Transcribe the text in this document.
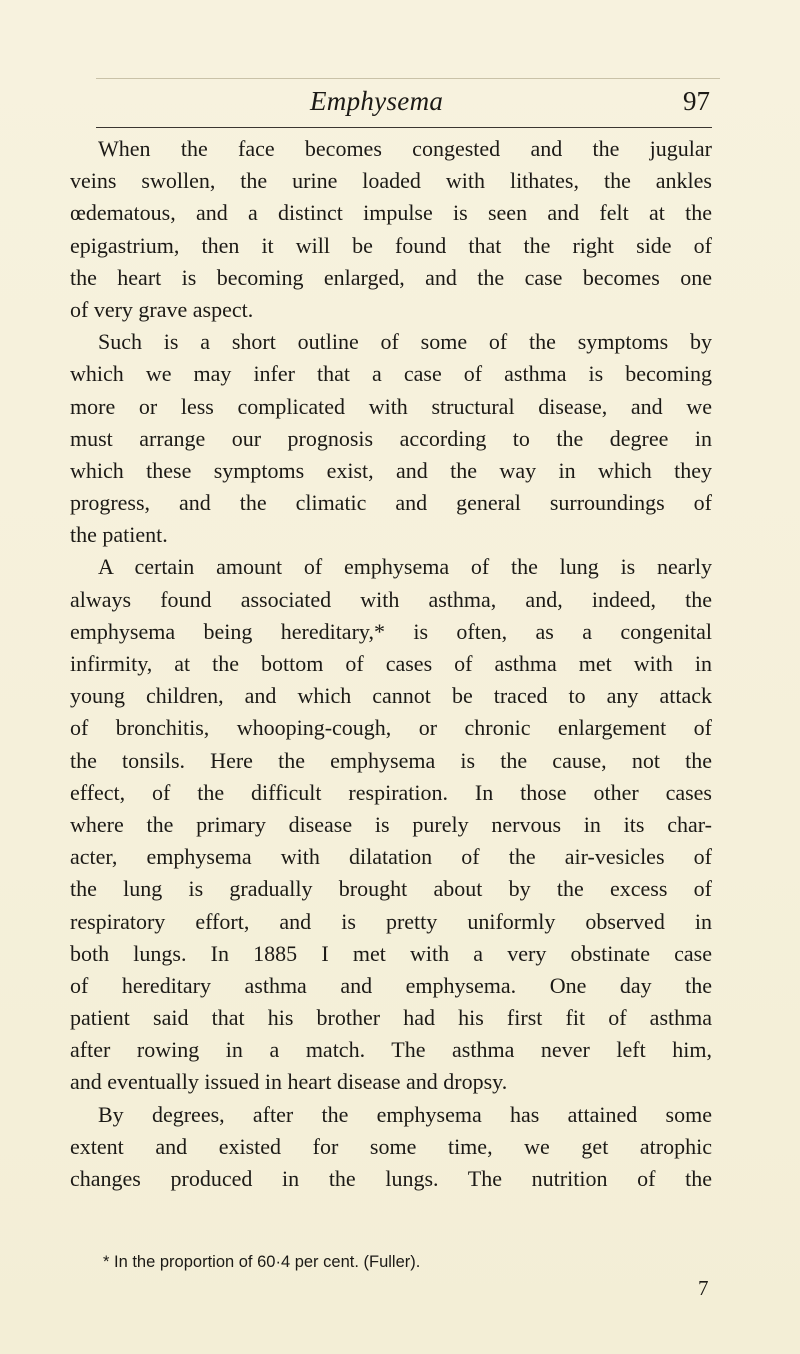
Emphysema	97
When the face becomes congested and the jugular
veins swollen, the urine loaded with lithates, the ankles
œdematous, and a distinct impulse is seen and felt at the
epigastrium, then it will be found that the right side of
the heart is becoming enlarged, and the case becomes one
of very grave aspect.
Such is a short outline of some of the symptoms by
which we may infer that a case of asthma is becoming
more or less complicated with structural disease, and we
must arrange our prognosis according to the degree in
which these symptoms exist, and the way in which they
progress, and the climatic and general surroundings of
the patient.
A certain amount of emphysema of the lung is nearly
always found associated with asthma, and, indeed, the
emphysema being hereditary,* is often, as a congenital
infirmity, at the bottom of cases of asthma met with in
young children, and which cannot be traced to any attack
of bronchitis, whooping-cough, or chronic enlargement of
the tonsils. Here the emphysema is the cause, not the
effect, of the difficult respiration. In those other cases
where the primary disease is purely nervous in its char-
acter, emphysema with dilatation of the air-vesicles of
the lung is gradually brought about by the excess of
respiratory effort, and is pretty uniformly observed in
both lungs. In 1885 I met with a very obstinate case
of hereditary asthma and emphysema. One day the
patient said that his brother had his first fit of asthma
after rowing in a match. The asthma never left him,
and eventually issued in heart disease and dropsy.
By degrees, after the emphysema has attained some
extent and existed for some time, we get atrophic
changes produced in the lungs. The nutrition of the
* In the proportion of 60·4 per cent. (Fuller).
7
